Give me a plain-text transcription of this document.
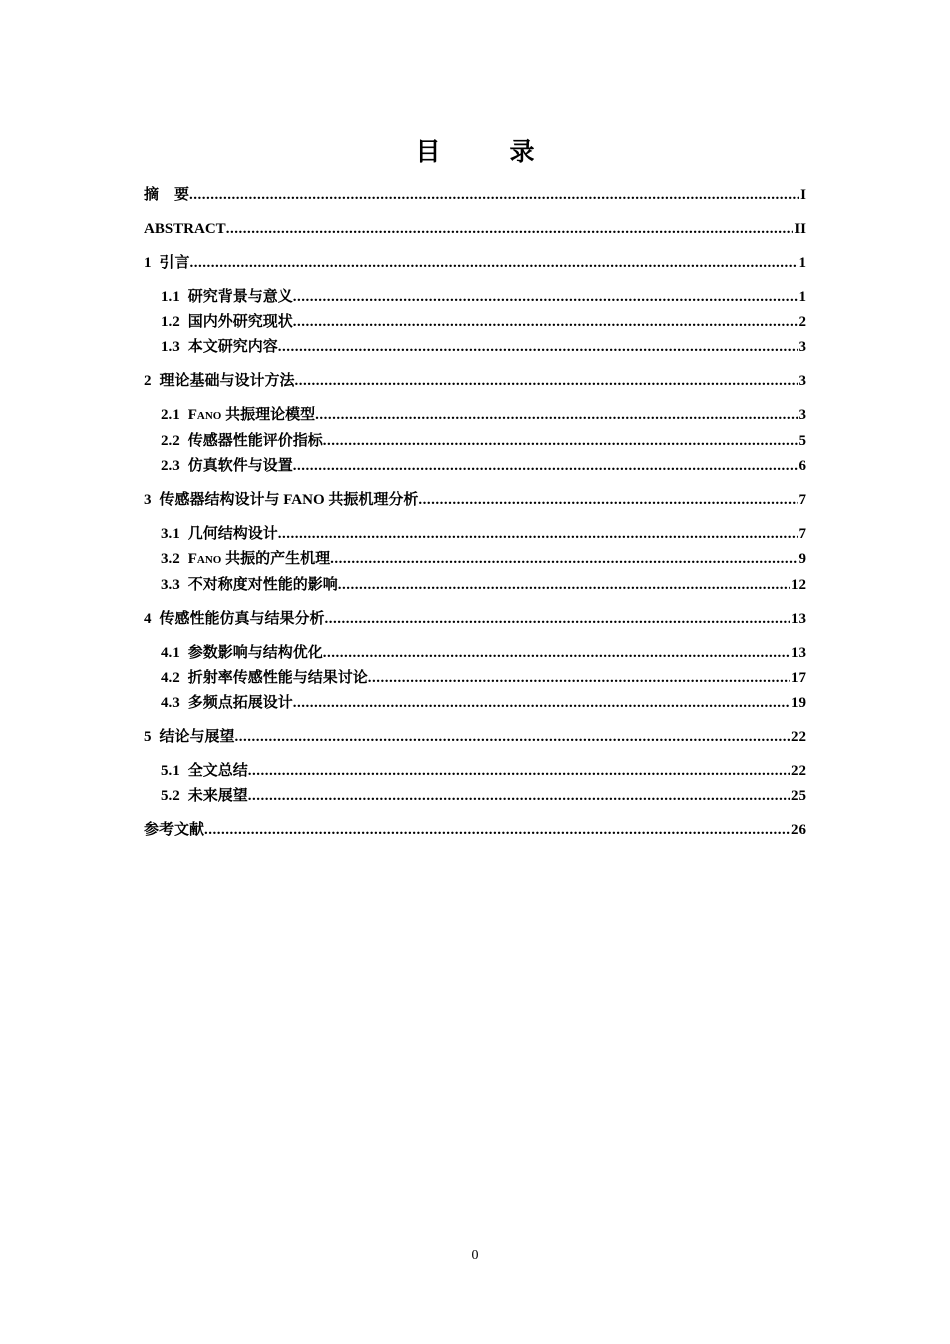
目　录
摘　要 .....	I
ABSTRACT .....	II
1 引言 .....	1
1.1 研究背景与意义 .....	1
1.2 国内外研究现状 .....	2
1.3 本文研究内容 .....	3
2 理论基础与设计方法 .....	3
2.1 FANO 共振理论模型 .....	3
2.2 传感器性能评价指标 .....	5
2.3 仿真软件与设置 .....	6
3 传感器结构设计与 FANO 共振机理分析 .....	7
3.1 几何结构设计 .....	7
3.2 FANO 共振的产生机理 .....	9
3.3 不对称度对性能的影响 .....	12
4 传感性能仿真与结果分析 .....	13
4.1 参数影响与结构优化 .....	13
4.2 折射率传感性能与结果讨论 .....	17
4.3 多频点拓展设计 .....	19
5 结论与展望 .....	22
5.1 全文总结 .....	22
5.2 未来展望 .....	25
参考文献 .....	26
0
